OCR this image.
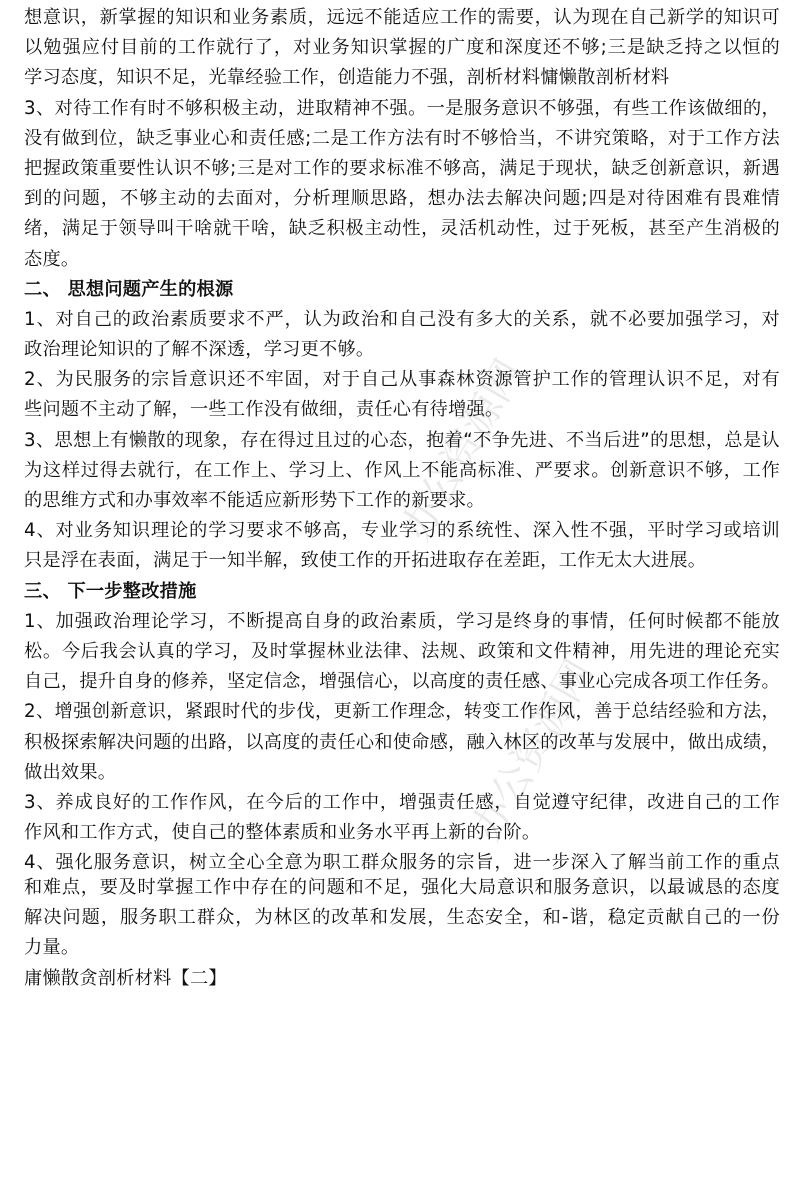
办公资源网
办公资源网
想意识，新掌握的知识和业务素质，远远不能适应工作的需要，认为现在自己新学的知识可
以勉强应付目前的工作就行了，对业务知识掌握的广度和深度还不够;三是缺乏持之以恒的
学习态度，知识不足，光靠经验工作，创造能力不强，剖析材料慵懒散剖析材料
3、对待工作有时不够积极主动，进取精神不强。一是服务意识不够强，有些工作该做细的，
没有做到位，缺乏事业心和责任感;二是工作方法有时不够恰当，不讲究策略，对于工作方法
把握政策重要性认识不够;三是对工作的要求标准不够高，满足于现状，缺乏创新意识，新遇
到的问题，不够主动的去面对，分析理顺思路，想办法去解决问题;四是对待困难有畏难情
绪，满足于领导叫干啥就干啥，缺乏积极主动性，灵活机动性，过于死板，甚至产生消极的
态度。
二、 思想问题产生的根源
1、对自己的政治素质要求不严，认为政治和自己没有多大的关系，就不必要加强学习，对
政治理论知识的了解不深透，学习更不够。
2、为民服务的宗旨意识还不牢固，对于自己从事森林资源管护工作的管理认识不足，对有
些问题不主动了解，一些工作没有做细，责任心有待增强。
3、思想上有懒散的现象，存在得过且过的心态，抱着“不争先进、不当后进”的思想，总是认
为这样过得去就行，在工作上、学习上、作风上不能高标准、严要求。创新意识不够，工作
的思维方式和办事效率不能适应新形势下工作的新要求。
4、对业务知识理论的学习要求不够高，专业学习的系统性、深入性不强，平时学习或培训
只是浮在表面，满足于一知半解，致使工作的开拓进取存在差距，工作无太大进展。
三、 下一步整改措施
1、加强政治理论学习，不断提高自身的政治素质，学习是终身的事情，任何时候都不能放
松。今后我会认真的学习，及时掌握林业法律、法规、政策和文件精神，用先进的理论充实
自己，提升自身的修养，坚定信念，增强信心，以高度的责任感、事业心完成各项工作任务。
2、增强创新意识，紧跟时代的步伐，更新工作理念，转变工作作风，善于总结经验和方法，
积极探索解决问题的出路，以高度的责任心和使命感，融入林区的改革与发展中，做出成绩，
做出效果。
3、养成良好的工作作风，在今后的工作中，增强责任感，自觉遵守纪律，改进自己的工作
作风和工作方式，使自己的整体素质和业务水平再上新的台阶。
4、强化服务意识，树立全心全意为职工群众服务的宗旨，进一步深入了解当前工作的重点
和难点，要及时掌握工作中存在的问题和不足，强化大局意识和服务意识，以最诚恳的态度
解决问题，服务职工群众，为林区的改革和发展，生态安全，和-谐，稳定贡献自己的一份
力量。
庸懒散贪剖析材料【二】
